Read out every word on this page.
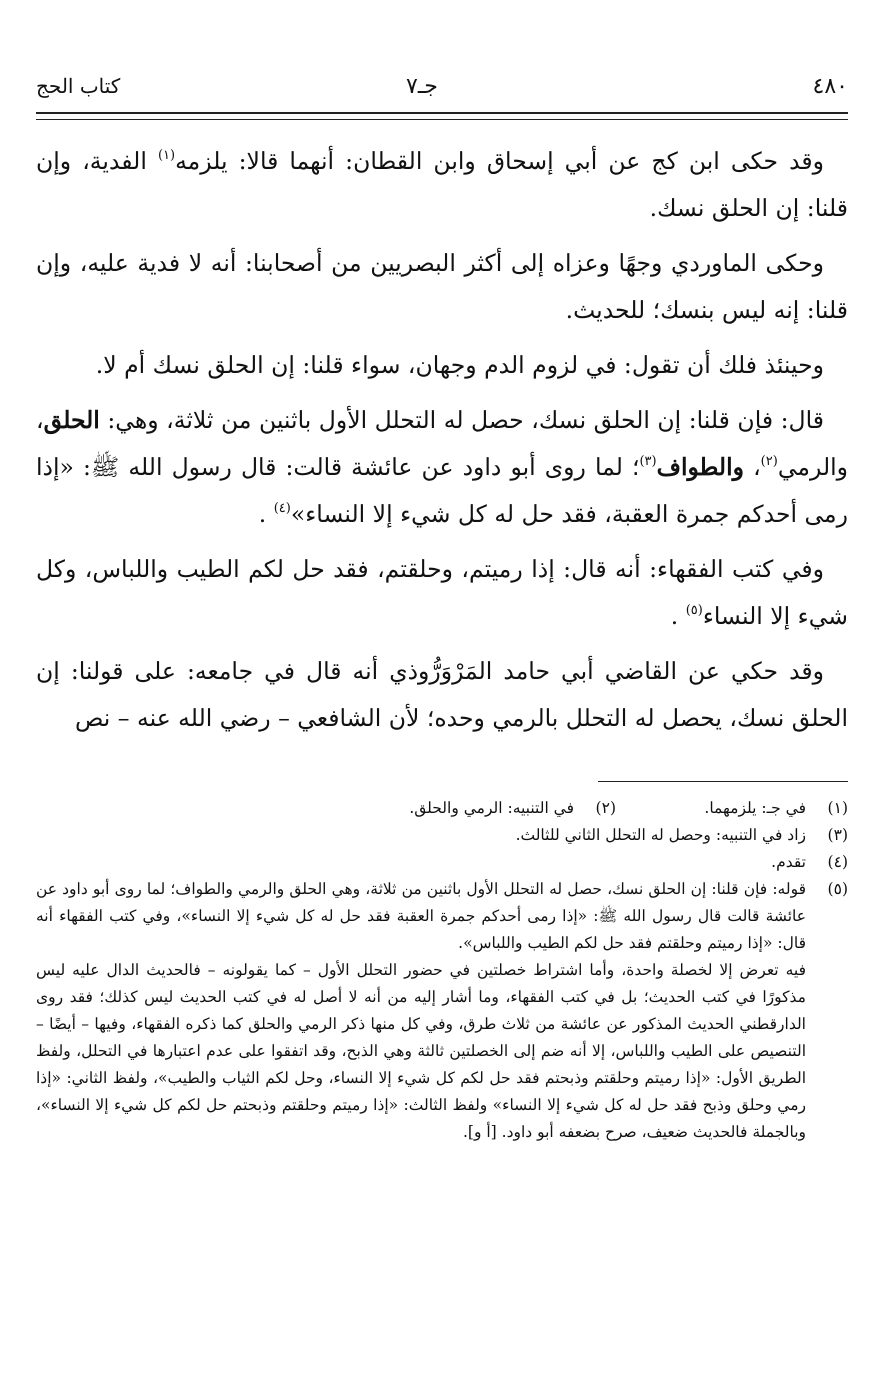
كتاب الحج	جـ٧	٤٨٠

وقد حكى ابن كج عن أبي إسحاق وابن القطان: أنهما قالا: يلزمه$^{(١)}$ الفدية، وإن قلنا: إن الحلق نسك.

وحكى الماوردي وجهًا وعزاه إلى أكثر البصريين من أصحابنا: أنه لا فدية عليه، وإن قلنا: إنه ليس بنسك؛ للحديث.

وحينئذ فلك أن تقول: في لزوم الدم وجهان، سواء قلنا: إن الحلق نسك أم لا.

قال: فإن قلنا: إن الحلق نسك، حصل له التحلل الأول باثنين من ثلاثة، وهي: الحلق، والرمي$^{(٢)}$، والطواف$^{(٣)}$؛ لما روى أبو داود عن عائشة قالت: قال رسول الله ﷺ: «إذا رمى أحدكم جمرة العقبة، فقد حل له كل شيء إلا النساء»$^{(٤)}$ .

وفي كتب الفقهاء: أنه قال: إذا رميتم، وحلقتم، فقد حل لكم الطيب واللباس، وكل شيء إلا النساء$^{(٥)}$ .

وقد حكي عن القاضي أبي حامد المَرْوَرُّوذي أنه قال في جامعه: على قولنا: إن الحلق نسك، يحصل له التحلل بالرمي وحده؛ لأن الشافعي – رضي الله عنه – نص

(١)
في جـ: يلزمهما.
(٢)
في التنبيه: الرمي والحلق.
(٣)
زاد في التنبيه: وحصل له التحلل الثاني للثالث.
(٤)
تقدم.
(٥)
قوله: فإن قلنا: إن الحلق نسك، حصل له التحلل الأول باثنين من ثلاثة، وهي الحلق والرمي والطواف؛ لما روى أبو داود عن عائشة قالت قال رسول الله ﷺ: «إذا رمى أحدكم جمرة العقبة فقد حل له كل شيء إلا النساء»، وفي كتب الفقهاء أنه قال: «إذا رميتم وحلقتم فقد حل لكم الطيب واللباس».

فيه تعرض إلا لخصلة واحدة، وأما اشتراط خصلتين في حضور التحلل الأول – كما يقولونه – فالحديث الدال عليه ليس مذكورًا في كتب الحديث؛ بل في كتب الفقهاء، وما أشار إليه من أنه لا أصل له في كتب الحديث ليس كذلك؛ فقد روى الدارقطني الحديث المذكور عن عائشة من ثلاث طرق، وفي كل منها ذكر الرمي والحلق كما ذكره الفقهاء، وفيها – أيضًا – التنصيص على الطيب واللباس، إلا أنه ضم إلى الخصلتين ثالثة وهي الذبح، وقد اتفقوا على عدم اعتبارها في التحلل، ولفظ الطريق الأول: «إذا رميتم وحلقتم وذبحتم فقد حل لكم كل شيء إلا النساء، وحل لكم الثياب والطيب»، ولفظ الثاني: «إذا رمي وحلق وذبح فقد حل له كل شيء إلا النساء» ولفظ الثالث: «إذا رميتم وحلقتم وذبحتم حل لكم كل شيء إلا النساء»، وبالجملة فالحديث ضعيف، صرح بضعفه أبو داود. [أ و].
